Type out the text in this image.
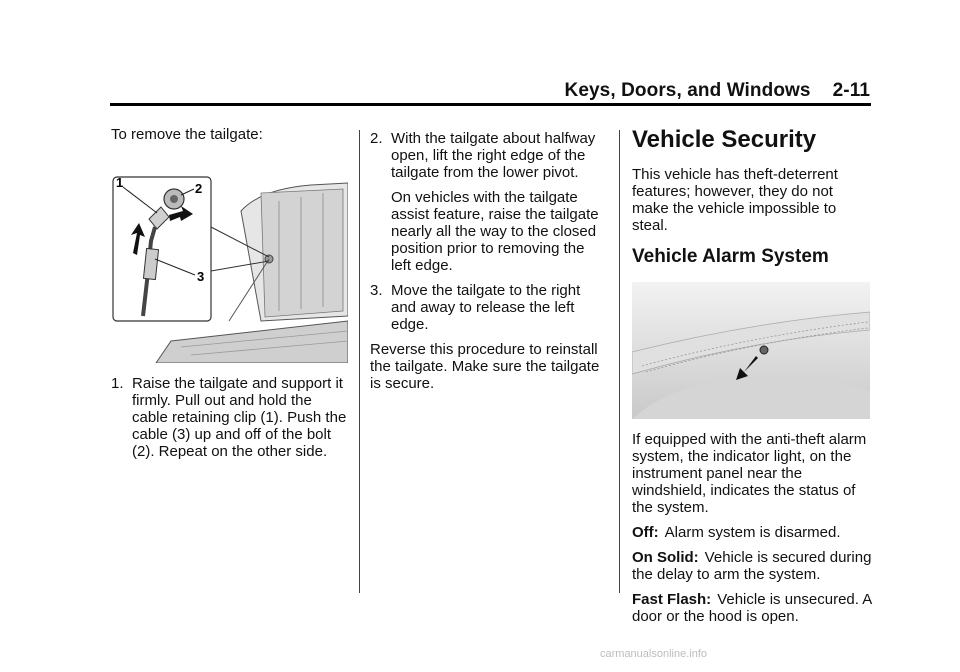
Keys, Doors, and Windows 2-11

To remove the tailgate:

1	2
3
1. Raise the tailgate and support it firmly. Pull out and hold the cable retaining clip (1). Push the cable (3) up and off of the bolt (2). Repeat on the other side.
2. With the tailgate about halfway open, lift the right edge of the tailgate from the lower pivot.
On vehicles with the tailgate assist feature, raise the tailgate nearly all the way to the closed position prior to removing the left edge.
3. Move the tailgate to the right and away to release the left edge.

Reverse this procedure to reinstall the tailgate. Make sure the tailgate is secure.

Vehicle Security

This vehicle has theft-deterrent features; however, they do not make the vehicle impossible to steal.

Vehicle Alarm System

If equipped with the anti-theft alarm system, the indicator light, on the instrument panel near the windshield, indicates the status of the system.

Off: Alarm system is disarmed.

On Solid: Vehicle is secured during the delay to arm the system.

Fast Flash: Vehicle is unsecured. A door or the hood is open.

carmanualsonline.info
